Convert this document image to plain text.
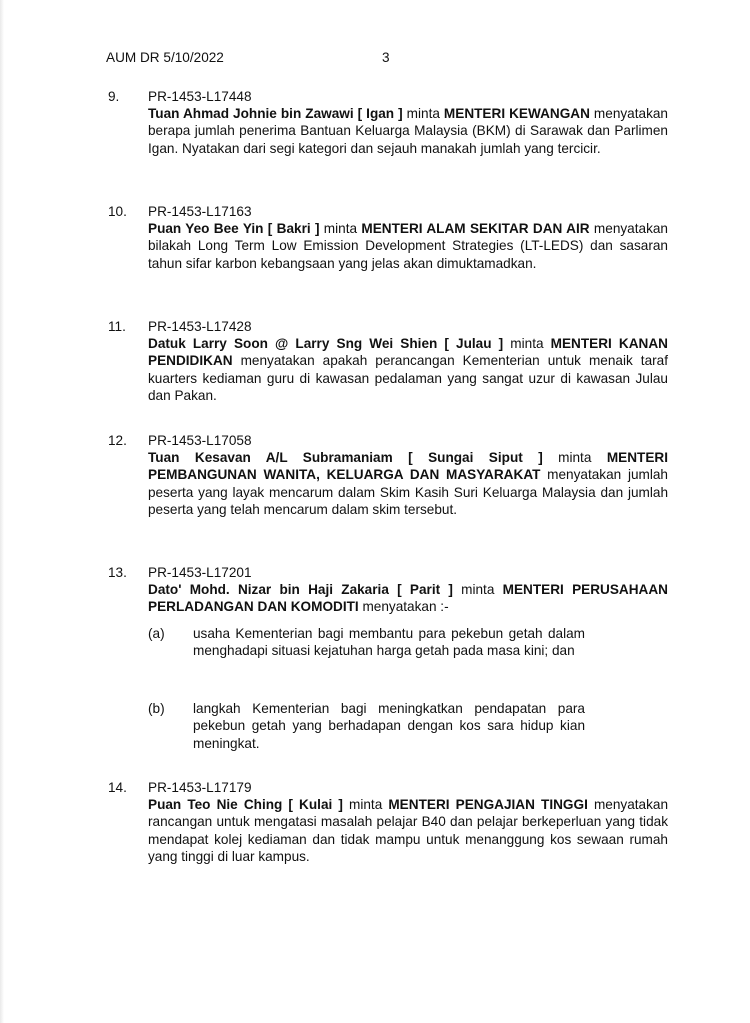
AUM DR 5/10/2022	3
9. PR-1453-L17448
Tuan Ahmad Johnie bin Zawawi [ Igan ] minta MENTERI KEWANGAN menyatakan berapa jumlah penerima Bantuan Keluarga Malaysia (BKM) di Sarawak dan Parlimen Igan. Nyatakan dari segi kategori dan sejauh manakah jumlah yang tercicir.
10. PR-1453-L17163
Puan Yeo Bee Yin [ Bakri ] minta MENTERI ALAM SEKITAR DAN AIR menyatakan bilakah Long Term Low Emission Development Strategies (LT-LEDS) dan sasaran tahun sifar karbon kebangsaan yang jelas akan dimuktamadkan.
11. PR-1453-L17428
Datuk Larry Soon @ Larry Sng Wei Shien [ Julau ] minta MENTERI KANAN PENDIDIKAN menyatakan apakah perancangan Kementerian untuk menaik taraf kuarters kediaman guru di kawasan pedalaman yang sangat uzur di kawasan Julau dan Pakan.
12. PR-1453-L17058
Tuan Kesavan A/L Subramaniam [ Sungai Siput ] minta MENTERI PEMBANGUNAN WANITA, KELUARGA DAN MASYARAKAT menyatakan jumlah peserta yang layak mencarum dalam Skim Kasih Suri Keluarga Malaysia dan jumlah peserta yang telah mencarum dalam skim tersebut.
13. PR-1453-L17201
Dato' Mohd. Nizar bin Haji Zakaria [ Parit ] minta MENTERI PERUSAHAAN PERLADANGAN DAN KOMODITI menyatakan :-
(a) usaha Kementerian bagi membantu para pekebun getah dalam menghadapi situasi kejatuhan harga getah pada masa kini; dan
(b) langkah Kementerian bagi meningkatkan pendapatan para pekebun getah yang berhadapan dengan kos sara hidup kian meningkat.
14. PR-1453-L17179
Puan Teo Nie Ching [ Kulai ] minta MENTERI PENGAJIAN TINGGI menyatakan rancangan untuk mengatasi masalah pelajar B40 dan pelajar berkeperluan yang tidak mendapat kolej kediaman dan tidak mampu untuk menanggung kos sewaan rumah yang tinggi di luar kampus.
